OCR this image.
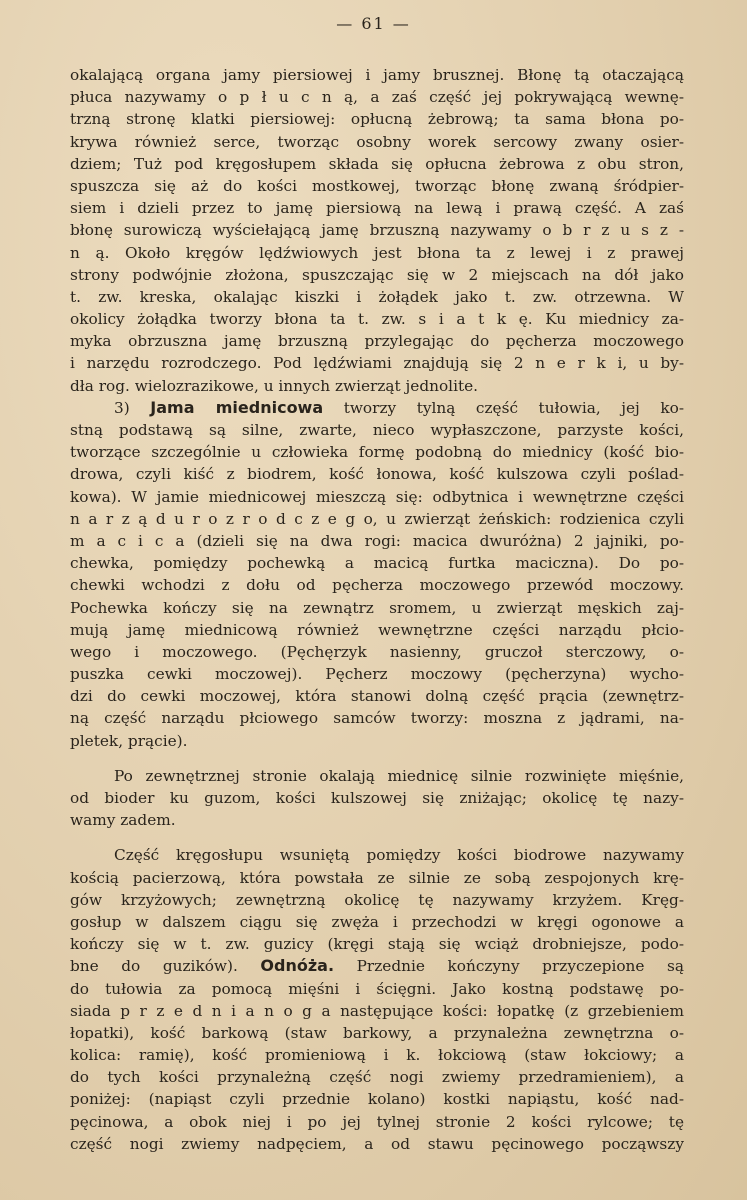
— 61 —
okalającą organa jamy piersiowej i jamy brusznej. Błonę tą otaczającą
płuca nazywamy o p ł u c n ą, a zaś część jej pokrywającą wewnę-
trzną stronę klatki piersiowej: opłucną żebrową; ta sama błona po-
krywa również serce, tworząc osobny worek sercowy zwany osier-
dziem; Tuż pod kręgosłupem składa się opłucna żebrowa z obu stron,
spuszcza się aż do kości mostkowej, tworząc błonę zwaną śródpier-
siem i dzieli przez to jamę piersiową na lewą i prawą część. A zaś
błonę surowiczą wyściełającą jamę brzuszną nazywamy o b r z u s z -
n ą. Około kręgów lędźwiowych jest błona ta z lewej i z prawej
strony podwójnie złożona, spuszczając się w 2 miejscach na dół jako
t. zw. kreska, okalając kiszki i żołądek jako t. zw. otrzewna. W
okolicy żołądka tworzy błona ta t. zw. s i a t k ę. Ku miednicy za-
myka obrzuszna jamę brzuszną przylegając do pęcherza moczowego
i narzędu rozrodczego. Pod lędźwiami znajdują się 2 n e r k i, u by-
dła rog. wielozrazikowe, u innych zwierząt jednolite.
3) Jama miednicowa tworzy tylną część tułowia, jej ko-
stną podstawą są silne, zwarte, nieco wypłaszczone, parzyste kości,
tworzące szczególnie u człowieka formę podobną do miednicy (kość bio-
drowa, czyli kiść z biodrem, kość łonowa, kość kulszowa czyli poślad-
kowa). W jamie miednicowej mieszczą się: odbytnica i wewnętrzne części
n a r z ą d u r o z r o d c z e g o, u zwierząt żeńskich: rodzienica czyli
m a c i c a (dzieli się na dwa rogi: macica dwuróżna) 2 jajniki, po-
chewka, pomiędzy pochewką a macicą furtka maciczna). Do po-
chewki wchodzi z dołu od pęcherza moczowego przewód moczowy.
Pochewka kończy się na zewnątrz sromem, u zwierząt męskich zaj-
mują jamę miednicową również wewnętrzne części narządu płcio-
wego i moczowego. (Pęchęrzyk nasienny, gruczoł sterczowy, o-
puszka cewki moczowej). Pęcherz moczowy (pęcherzyna) wycho-
dzi do cewki moczowej, która stanowi dolną część prącia (zewnętrz-
ną część narządu płciowego samców tworzy: moszna z jądrami, na-
pletek, prącie).
Po zewnętrznej stronie okalają miednicę silnie rozwinięte mięśnie,
od bioder ku guzom, kości kulszowej się zniżając; okolicę tę nazy-
wamy zadem.
Część kręgosłupu wsuniętą pomiędzy kości biodrowe nazywamy
kością pacierzową, która powstała ze silnie ze sobą zespojonych krę-
gów krzyżowych; zewnętrzną okolicę tę nazywamy krzyżem. Kręg-
gosłup w dalszem ciągu się zwęża i przechodzi w kręgi ogonowe a
kończy się w t. zw. guzicy (kręgi stają się wciąż drobniejsze, podo-
bne do guzików). Odnóża. Przednie kończyny przyczepione są
do tułowia za pomocą mięśni i ścięgni. Jako kostną podstawę po-
siada p r z e d n i a n o g a następujące kości: łopatkę (z grzebieniem
łopatki), kość barkową (staw barkowy, a przynależna zewnętrzna o-
kolica: ramię), kość promieniową i k. łokciową (staw łokciowy; a
do tych kości przynależną część nogi zwiemy przedramieniem), a
poniżej: (napiąst czyli przednie kolano) kostki napiąstu, kość nad-
pęcinowa, a obok niej i po jej tylnej stronie 2 kości rylcowe; tę
część nogi zwiemy nadpęciem, a od stawu pęcinowego począwszy
